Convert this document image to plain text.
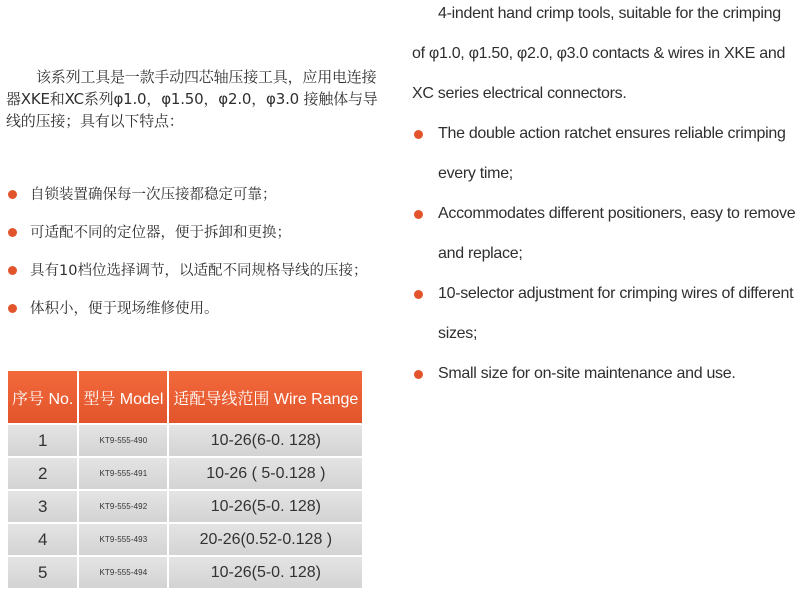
该系列工具是一款手动四芯轴压接工具，应用电连接器XKE和XC系列φ1.0，φ1.50，φ2.0，φ3.0 接触体与导线的压接；具有以下特点：
自锁装置确保每一次压接都稳定可靠；
可适配不同的定位器，便于拆卸和更换；
具有10档位选择调节，以适配不同规格导线的压接；
体积小，便于现场维修使用。

4-indent hand crimp tools, suitable for the crimping of φ1.0, φ1.50, φ2.0, φ3.0 contacts & wires in XKE and XC series electrical connectors.

The double action ratchet ensures reliable crimping every time;
Accommodates different positioners, easy to remove and replace;
10-selector adjustment for crimping wires of different sizes;
Small size for on-site maintenance and use.
序号 No.	型号 Model	适配导线范围 Wire Range
1	KT9-555-490	10-26(6-0. 128)
2	KT9-555-491	10-26 ( 5-0.128 )
3	KT9-555-492	10-26(5-0. 128)
4	KT9-555-493	20-26(0.52-0.128 )
5	KT9-555-494	10-26(5-0. 128)
